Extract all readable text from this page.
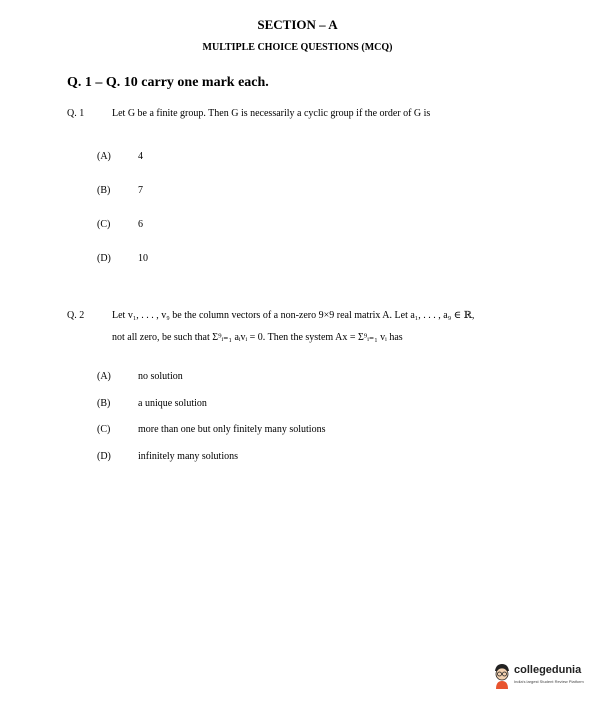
SECTION – A
MULTIPLE CHOICE QUESTIONS (MCQ)
Q. 1 – Q. 10 carry one mark each.
Q. 1	Let G be a finite group. Then G is necessarily a cyclic group if the order of G is
(A)	4
(B)	7
(C)	6
(D)	10
Q. 2	Let v₁, . . . , v₉ be the column vectors of a non-zero 9×9 real matrix A. Let a₁, . . . , a₉ ∈ ℝ,
not all zero, be such that Σ⁹ᵢ₌₁ aᵢvᵢ = 0. Then the system Ax = Σ⁹ᵢ₌₁ vᵢ has
(A)	no solution
(B)	a unique solution
(C)	more than one but only finitely many solutions
(D)	infinitely many solutions
collegedunia
India's largest Student Review Platform
